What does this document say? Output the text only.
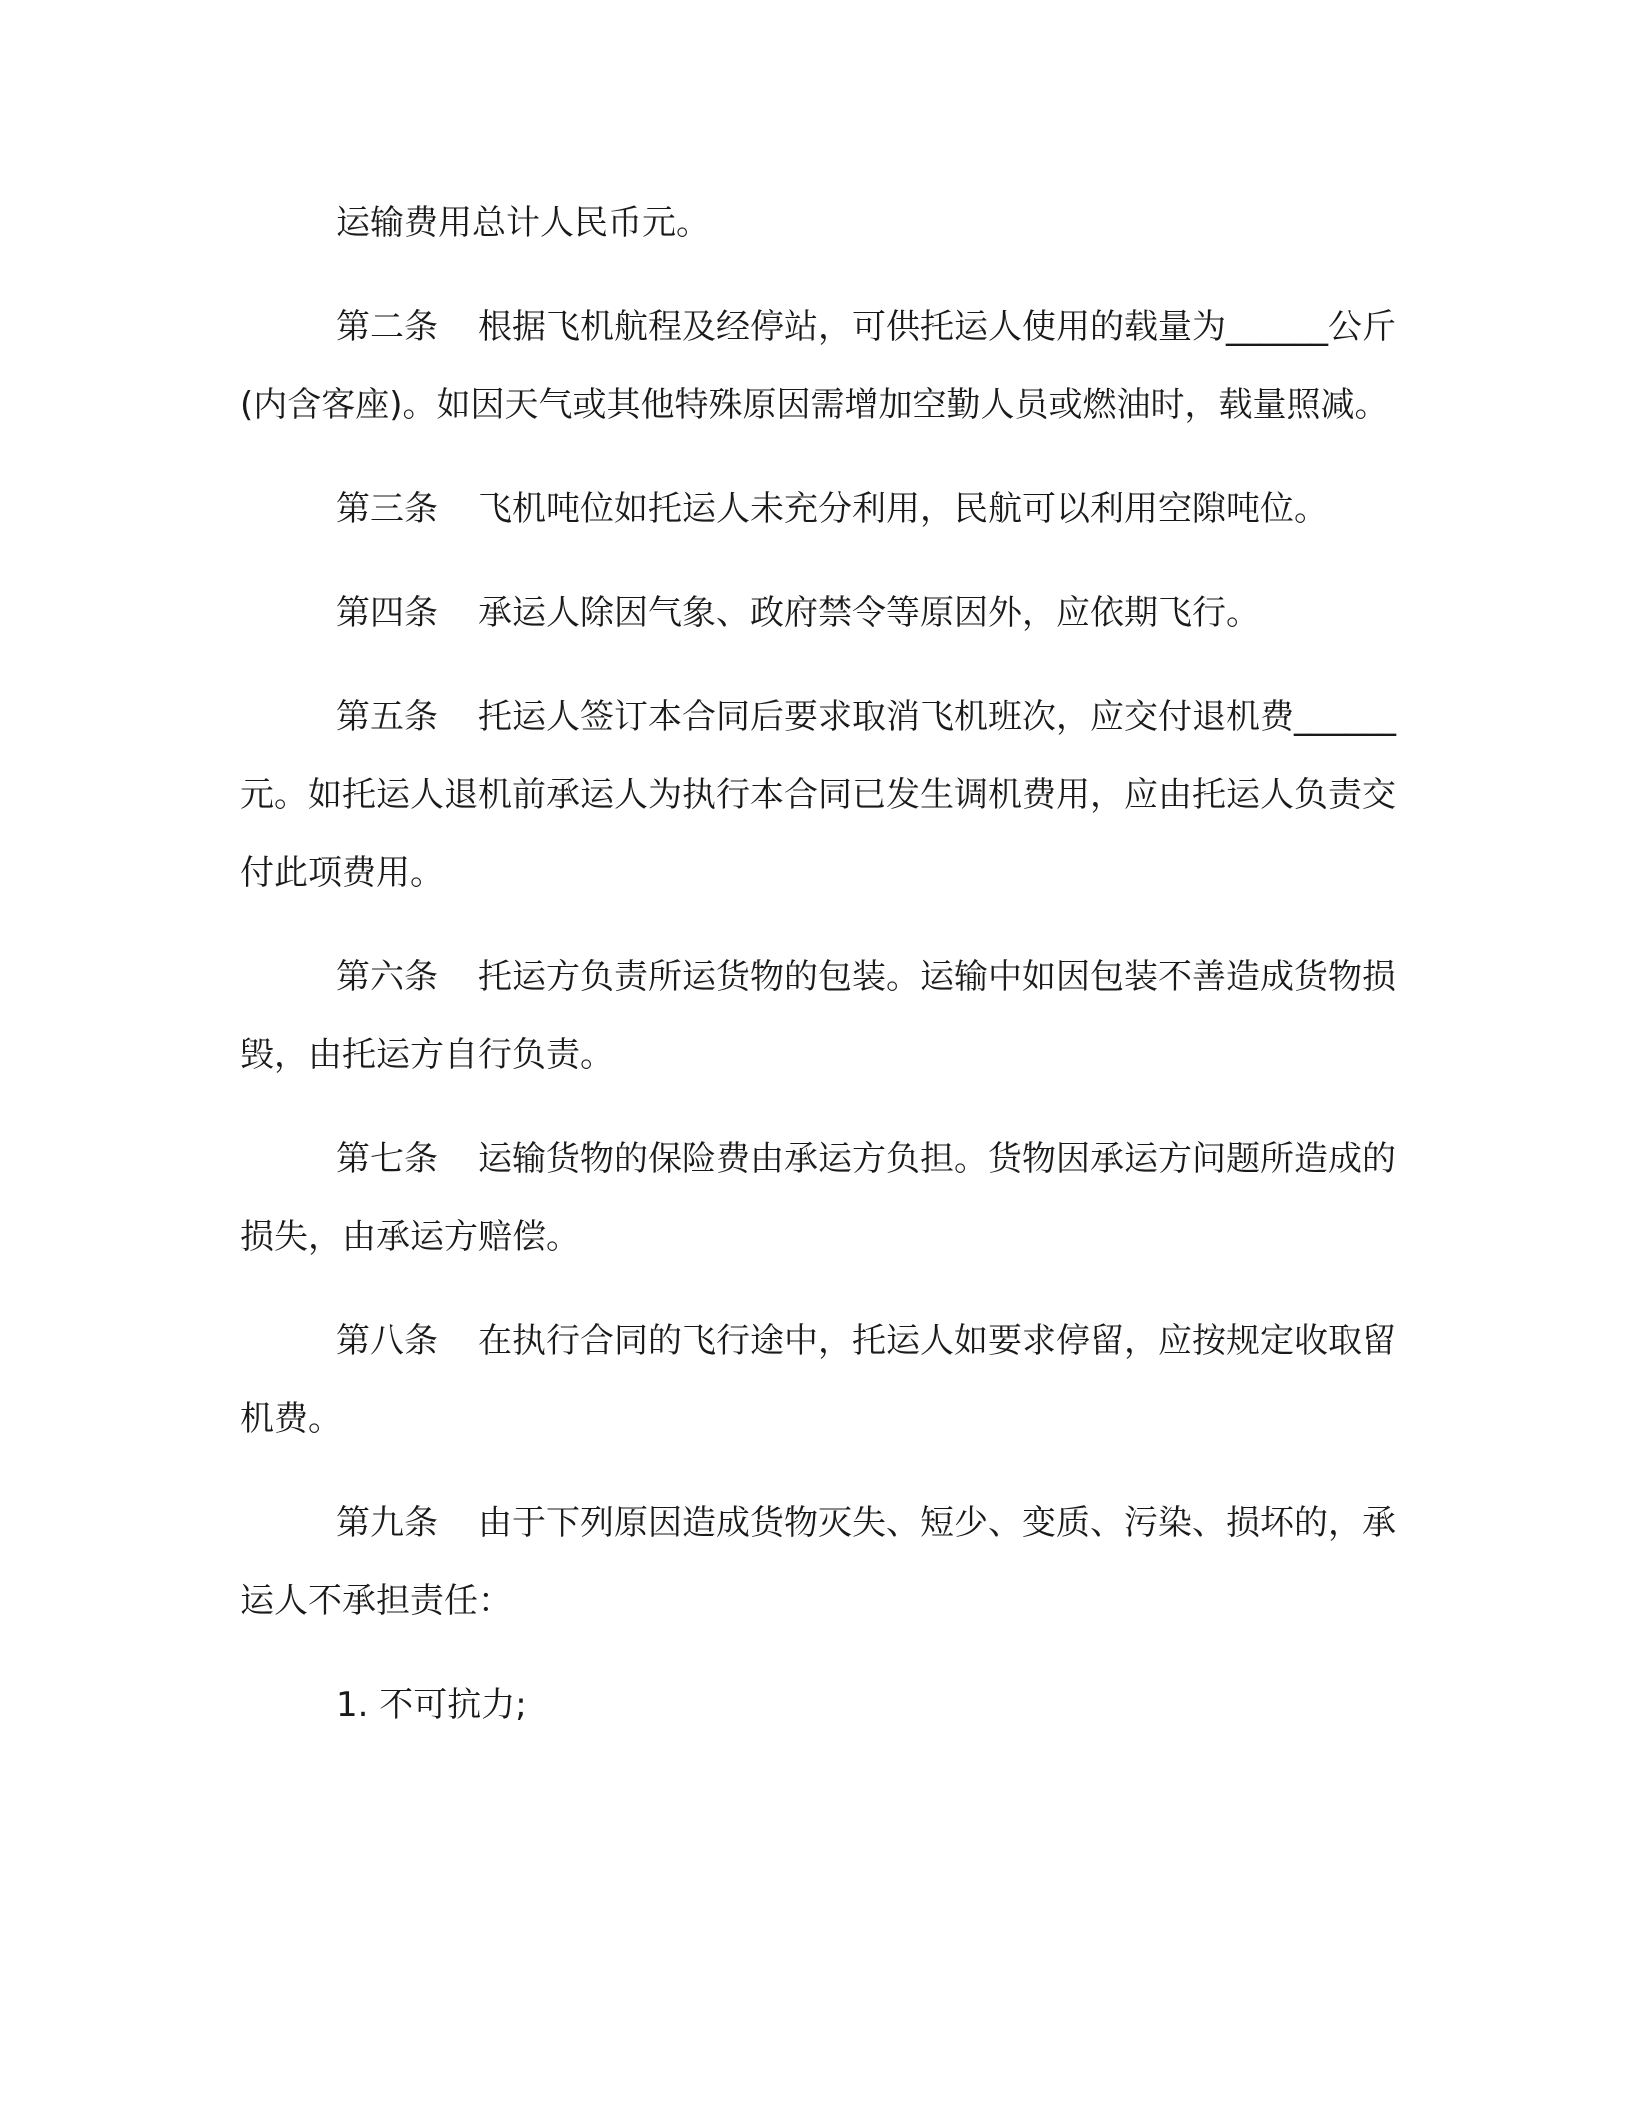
运输费用总计人民币元。

第二条 根据飞机航程及经停站，可供托运人使用的载量为______公斤(内含客座)。如因天气或其他特殊原因需增加空勤人员或燃油时，载量照减。

第三条 飞机吨位如托运人未充分利用，民航可以利用空隙吨位。

第四条 承运人除因气象、政府禁令等原因外，应依期飞行。

第五条 托运人签订本合同后要求取消飞机班次，应交付退机费______元。如托运人退机前承运人为执行本合同已发生调机费用，应由托运人负责交付此项费用。

第六条 托运方负责所运货物的包装。运输中如因包装不善造成货物损毁，由托运方自行负责。

第七条 运输货物的保险费由承运方负担。货物因承运方问题所造成的损失，由承运方赔偿。

第八条 在执行合同的飞行途中，托运人如要求停留，应按规定收取留机费。

第九条 由于下列原因造成货物灭失、短少、变质、污染、损坏的，承运人不承担责任：

1. 不可抗力;
